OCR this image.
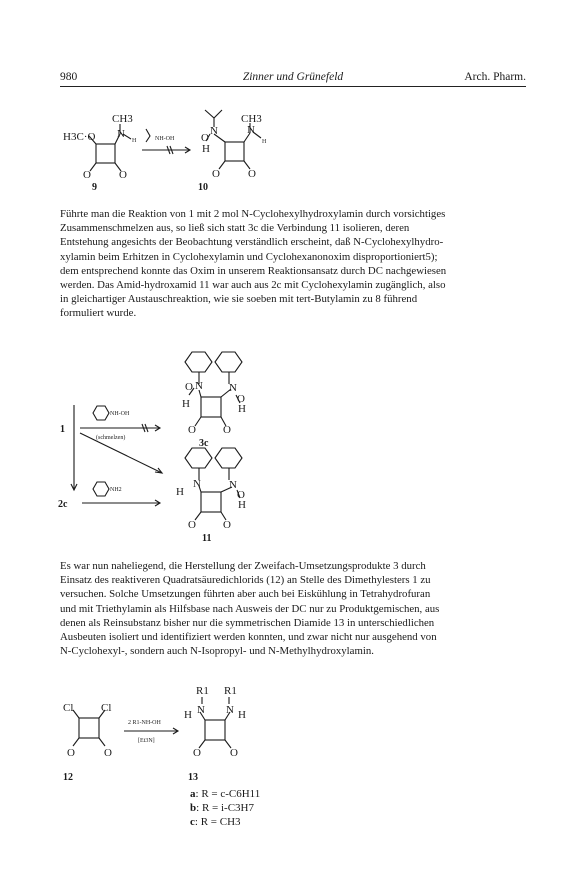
980	Zinner und Grünefeld	Arch. Pharm.
H3C·O
CH3
N
H
O	O
NH-OH
9
CH3
O
N
H
N
H
O	O
10
Führte man die Reaktion von 1 mit 2 mol N-Cyclohexylhydroxylamin durch vorsichtiges
Zusammenschmelzen aus, so ließ sich statt 3c die Verbindung 11 isolieren, deren
Entstehung angesichts der Beobachtung verständlich erscheint, daß N-Cyclohexylhydro-
xylamin beim Erhitzen in Cyclohexylamin und Cyclohexanonoxim disproportioniert5);
dem entsprechend konnte das Oxim in unserem Reaktionsansatz durch DC nachgewiesen
werden. Das Amid-hydroxamid 11 war auch aus 2c mit Cyclohexylamin zugänglich, also
in gleichartiger Austauschreaktion, wie sie soeben mit tert-Butylamin zu 8 führend
formuliert wurde.
1
NH-OH
(schmelzen)
2c
NH2
O N N
O
H	H
H
N	N
O
H
O O
O O
3c
11
Es war nun naheliegend, die Herstellung der Zweifach-Umsetzungsprodukte 3 durch
Einsatz des reaktiveren Quadratsäuredichlorids (12) an Stelle des Dimethylesters 1 zu
versuchen. Solche Umsetzungen führten aber auch bei Eiskühlung in Tetrahydrofuran
und mit Triethylamin als Hilfsbase nach Ausweis der DC nur zu Produktgemischen, aus
denen als Reinsubstanz bisher nur die symmetrischen Diamide 13 in unterschiedlichen
Ausbeuten isoliert und identifiziert werden konnten, und zwar nicht nur ausgehend von
N-Cyclohexyl-, sondern auch N-Isopropyl- und N-Methylhydroxylamin.
Cl	Cl
O	O
12
2 R1-NH-OH
[Et3N]
R1 R1
N N
H	H
O	O
13
a: R = c-C6H11
b: R = i-C3H7
c: R = CH3
